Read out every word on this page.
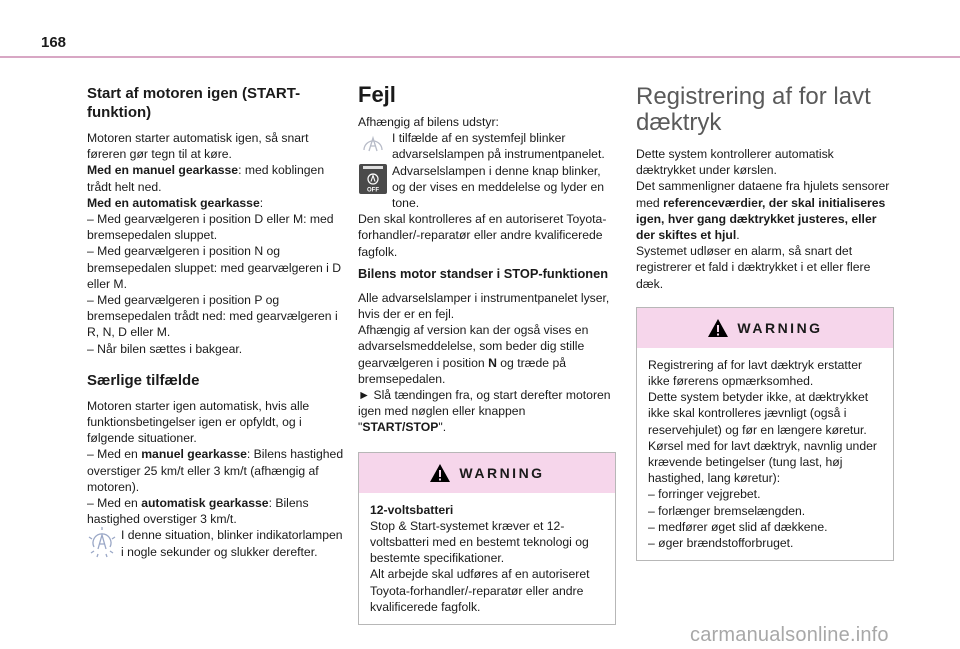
168
Start af motoren igen (START-funktion)

Motoren starter automatisk igen, så snart føreren gør tegn til at køre.

Med en manuel gearkasse: med koblingen trådt helt ned.

Med en automatisk gearkasse:

– Med gearvælgeren i position D eller M: med bremsepedalen sluppet.

– Med gearvælgeren i position N og bremsepedalen sluppet: med gearvælgeren i D eller M.

– Med gearvælgeren i position P og bremsepedalen trådt ned: med gearvælgeren i R, N, D eller M.

– Når bilen sættes i bakgear.

Særlige tilfælde

Motoren starter igen automatisk, hvis alle funktionsbetingelser igen er opfyldt, og i følgende situationer.

– Med en manuel gearkasse: Bilens hastighed overstiger 25 km/t eller 3 km/t (afhængig af motoren).

– Med en automatisk gearkasse: Bilens hastighed overstiger 3 km/t.

I denne situation, blinker indikatorlampen i nogle sekunder og slukker derefter.

Fejl

Afhængig af bilens udstyr:

I tilfælde af en systemfejl blinker advarselslampen på instrumentpanelet.

OFF

Advarselslampen i denne knap blinker, og der vises en meddelelse og lyder en tone.

Den skal kontrolleres af en autoriseret Toyota-forhandler/-reparatør eller andre kvalificerede fagfolk.

Bilens motor standser i STOP-funktionen

Alle advarselslamper i instrumentpanelet lyser, hvis der er en fejl.

Afhængig af version kan der også vises en advarselsmeddelelse, som beder dig stille gearvælgeren i position N og træde på bremsepedalen.

► Slå tændingen fra, og start derefter motoren igen med nøglen eller knappen "START/STOP".

WARNING

12-voltsbatteri

Stop & Start-systemet kræver et 12-voltsbatteri med en bestemt teknologi og bestemte specifikationer.

Alt arbejde skal udføres af en autoriseret Toyota-forhandler/-reparatør eller andre kvalificerede fagfolk.

Registrering af for lavt dæktryk

Dette system kontrollerer automatisk dæktrykket under kørslen.

Det sammenligner dataene fra hjulets sensorer med referenceværdier, der skal initialiseres igen, hver gang dæktrykket justeres, eller der skiftes et hjul.

Systemet udløser en alarm, så snart det registrerer et fald i dæktrykket i et eller flere dæk.

WARNING

Registrering af for lavt dæktryk erstatter ikke førerens opmærksomhed.

Dette system betyder ikke, at dæktrykket ikke skal kontrolleres jævnligt (også i reservehjulet) og før en længere køretur.

Kørsel med for lavt dæktryk, navnlig under krævende betingelser (tung last, høj hastighed, lang køretur):

– forringer vejgrebet.

– forlænger bremselængden.

– medfører øget slid af dækkene.

– øger brændstofforbruget.

carmanualsonline.info
